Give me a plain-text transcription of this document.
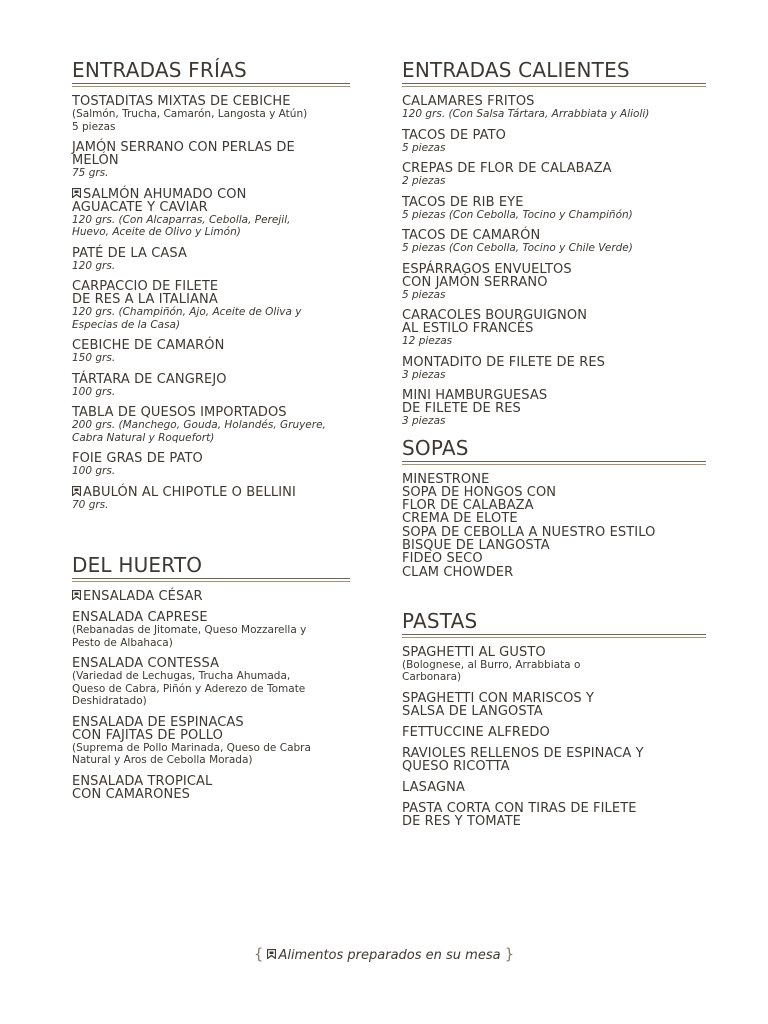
ENTRADAS FRÍAS
TOSTADITAS MIXTAS DE CEBICHE
(Salmón, Trucha, Camarón, Langosta y Atún)
5 piezas
JAMÓN SERRANO CON PERLAS DE
MELÓN
75 grs.
SALMÓN AHUMADO CON
AGUACATE Y CAVIAR
120 grs. (Con Alcaparras, Cebolla, Perejil,
Huevo, Aceite de Olivo y Limón)
PATÉ DE LA CASA
120 grs.
CARPACCIO DE FILETE
DE RES A LA ITALIANA
120 grs. (Champiñón, Ajo, Aceite de Oliva y
Especias de la Casa)
CEBICHE DE CAMARÓN
150 grs.
TÁRTARA DE CANGREJO
100 grs.
TABLA DE QUESOS IMPORTADOS
200 grs. (Manchego, Gouda, Holandés, Gruyere,
Cabra Natural y Roquefort)
FOIE GRAS DE PATO
100 grs.
ABULÓN AL CHIPOTLE O BELLINI
70 grs.
DEL HUERTO
ENSALADA CÉSAR
ENSALADA CAPRESE
(Rebanadas de Jitomate, Queso Mozzarella y
Pesto de Albahaca)
ENSALADA CONTESSA
(Variedad de Lechugas, Trucha Ahumada,
Queso de Cabra, Piñón y Aderezo de Tomate
Deshidratado)
ENSALADA DE ESPINACAS
CON FAJITAS DE POLLO
(Suprema de Pollo Marinada, Queso de Cabra
Natural y Aros de Cebolla Morada)
ENSALADA TROPICAL
CON CAMARONES
ENTRADAS CALIENTES
CALAMARES FRITOS
120 grs. (Con Salsa Tártara, Arrabbiata y Alioli)
TACOS DE PATO
5 piezas
CREPAS DE FLOR DE CALABAZA
2 piezas
TACOS DE RIB EYE
5 piezas (Con Cebolla, Tocino y Champiñón)
TACOS DE CAMARÓN
5 piezas (Con Cebolla, Tocino y Chile Verde)
ESPÁRRAGOS ENVUELTOS
CON JAMÓN SERRANO
5 piezas
CARACOLES BOURGUIGNON
AL ESTILO FRANCÉS
12 piezas
MONTADITO DE FILETE DE RES
3 piezas
MINI HAMBURGUESAS
DE FILETE DE RES
3 piezas
SOPAS
MINESTRONE
SOPA DE HONGOS CON
FLOR DE CALABAZA
CREMA DE ELOTE
SOPA DE CEBOLLA A NUESTRO ESTILO
BISQUE DE LANGOSTA
FIDEO SECO
CLAM CHOWDER
PASTAS
SPAGHETTI AL GUSTO
(Bolognese, al Burro, Arrabbiata o
Carbonara)
SPAGHETTI CON MARISCOS Y
SALSA DE LANGOSTA
FETTUCCINE ALFREDO
RAVIOLES RELLENOS DE ESPINACA Y
QUESO RICOTTA
LASAGNA
PASTA CORTA CON TIRAS DE FILETE
DE RES Y TOMATE
{ Alimentos preparados en su mesa }
